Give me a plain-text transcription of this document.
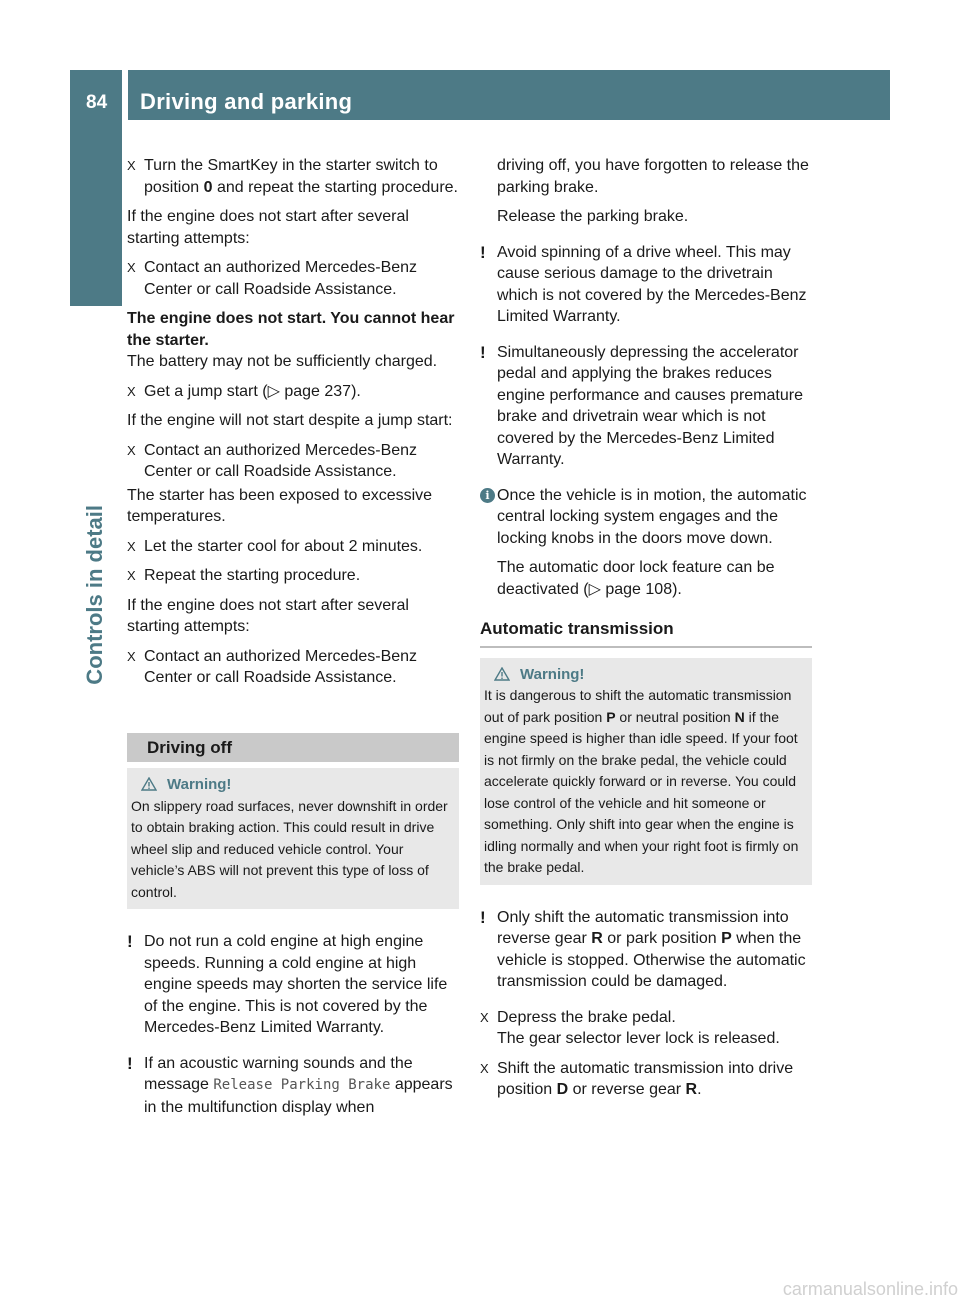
84 Driving and parking
Controls in detail
X Turn the SmartKey in the starter switch to position 0 and repeat the starting procedure.

If the engine does not start after several starting attempts:

X Contact an authorized Mercedes-Benz Center or call Roadside Assistance.

The engine does not start. You cannot hear the starter.

The battery may not be sufficiently charged.

X Get a jump start (▷ page 237).

If the engine will not start despite a jump start:

X Contact an authorized Mercedes-Benz Center or call Roadside Assistance.

The starter has been exposed to excessive temperatures.

X Let the starter cool for about 2 minutes.
X Repeat the starting procedure.

If the engine does not start after several starting attempts:

X Contact an authorized Mercedes-Benz Center or call Roadside Assistance.
Driving off
Warning!
On slippery road surfaces, never downshift in order to obtain braking action. This could result in drive wheel slip and reduced vehicle control. Your vehicle’s ABS will not prevent this type of loss of control.
! Do not run a cold engine at high engine speeds. Running a cold engine at high engine speeds may shorten the service life of the engine. This is not covered by the Mercedes-Benz Limited Warranty.
! If an acoustic warning sounds and the message Release Parking Brake appears in the multifunction display when

driving off, you have forgotten to release the parking brake.

Release the parking brake.

! Avoid spinning of a drive wheel. This may cause serious damage to the drivetrain which is not covered by the Mercedes-Benz Limited Warranty.
! Simultaneously depressing the accelerator pedal and applying the brakes reduces engine performance and causes premature brake and drivetrain wear which is not covered by the Mercedes-Benz Limited Warranty.
i Once the vehicle is in motion, the automatic central locking system engages and the locking knobs in the doors move down.

The automatic door lock feature can be deactivated (▷ page 108).

Automatic transmission
Warning!
It is dangerous to shift the automatic transmission out of park position P or neutral position N if the engine speed is higher than idle speed. If your foot is not firmly on the brake pedal, the vehicle could accelerate quickly forward or in reverse. You could lose control of the vehicle and hit someone or something. Only shift into gear when the engine is idling normally and when your right foot is firmly on the brake pedal.
! Only shift the automatic transmission into reverse gear R or park position P when the vehicle is stopped. Otherwise the automatic transmission could be damaged.
X Depress the brake pedal.
The gear selector lever lock is released.
X Shift the automatic transmission into drive position D or reverse gear R.
carmanualsonline.info
